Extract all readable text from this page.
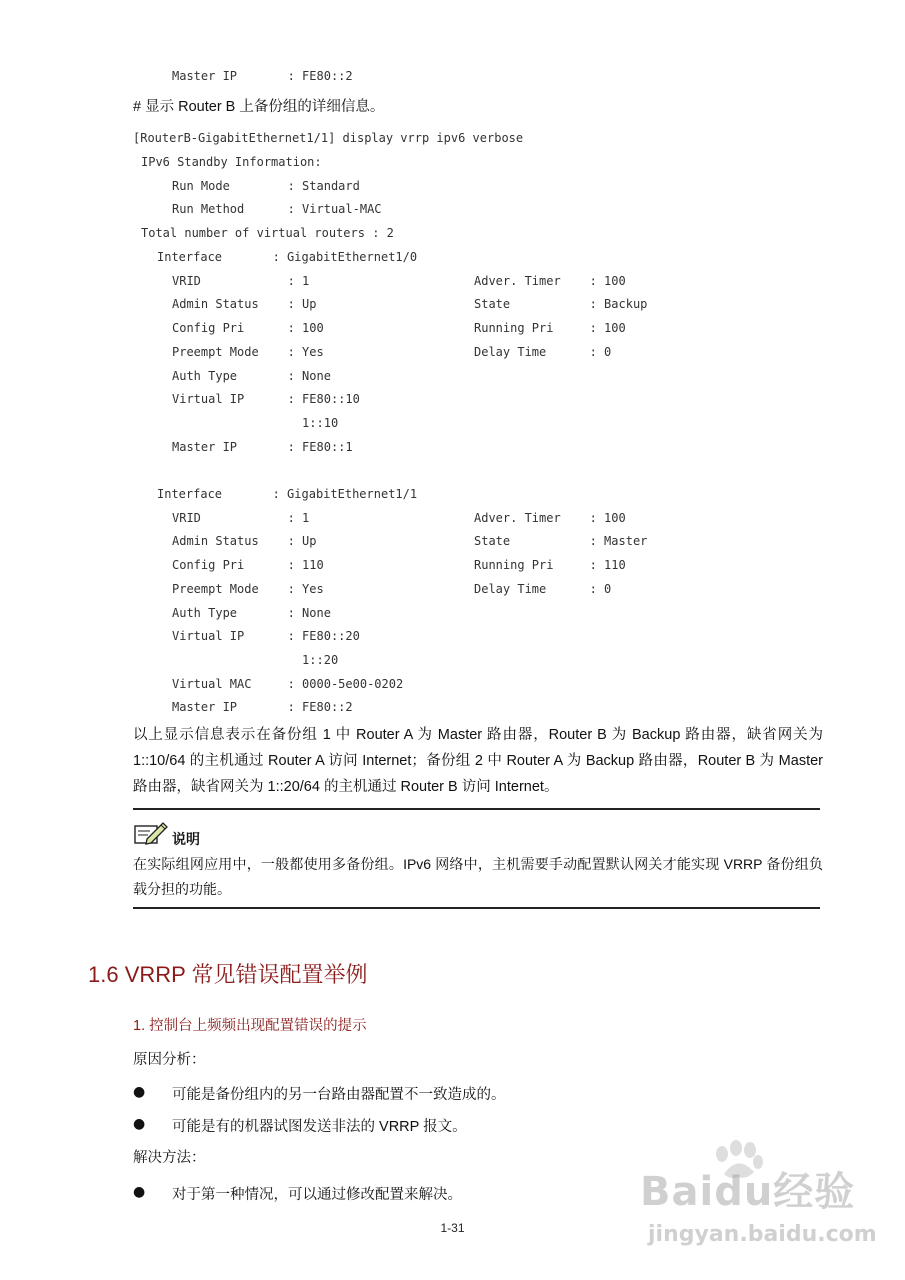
Master IP       : FE80::2
# 显示 Router B 上备份组的详细信息。
[RouterB-GigabitEthernet1/1] display vrrp ipv6 verbose
IPv6 Standby Information:
Run Mode        : Standard
Run Method      : Virtual-MAC
Total number of virtual routers : 2
Interface       : GigabitEthernet1/0
VRID            : 1	Adver. Timer    : 100
Admin Status    : Up	State           : Backup
Config Pri      : 100	Running Pri     : 100
Preempt Mode    : Yes	Delay Time      : 0
Auth Type       : None
Virtual IP      : FE80::10
1::10
Master IP       : FE80::1
Interface       : GigabitEthernet1/1
VRID            : 1	Adver. Timer    : 100
Admin Status    : Up	State           : Master
Config Pri      : 110	Running Pri     : 110
Preempt Mode    : Yes	Delay Time      : 0
Auth Type       : None
Virtual IP      : FE80::20
1::20
Virtual MAC     : 0000-5e00-0202
Master IP       : FE80::2
以上显示信息表示在备份组 1 中 Router A 为 Master 路由器，Router B 为 Backup 路由器，缺省网关为 1::10/64 的主机通过 Router A 访问 Internet；备份组 2 中 Router A 为 Backup 路由器，Router B 为 Master 路由器，缺省网关为 1::20/64 的主机通过 Router B 访问 Internet。
说明
在实际组网应用中，一般都使用多备份组。IPv6 网络中，主机需要手动配置默认网关才能实现 VRRP 备份组负载分担的功能。
1.6 VRRP 常见错误配置举例
1. 控制台上频频出现配置错误的提示
原因分析：
● 可能是备份组内的另一台路由器配置不一致造成的。
● 可能是有的机器试图发送非法的 VRRP 报文。
解决方法：
● 对于第一种情况，可以通过修改配置来解决。
1-31
Baidu经验
jingyan.baidu.com
